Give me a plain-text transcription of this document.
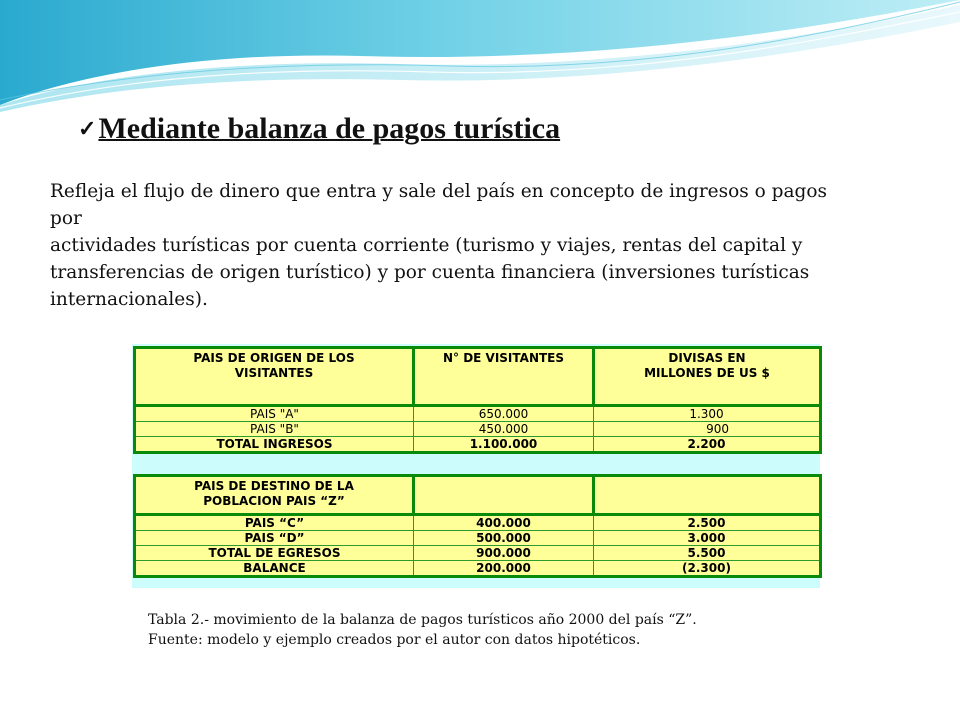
✓ Mediante balanza de pagos turística
Refleja el flujo de dinero que entra y sale del país en concepto de ingresos o pagos
por
actividades turísticas por cuenta corriente (turismo y viajes, rentas del capital y
transferencias de origen turístico) y por cuenta financiera (inversiones turísticas
internacionales).
PAIS DE ORIGEN DE LOS
VISITANTES	N° DE VISITANTES	DIVISAS EN
MILLONES DE US $
PAIS "A"	650.000	1.300
PAIS "B"	450.000	900
TOTAL INGRESOS	1.100.000	2.200
PAIS DE DESTINO DE LA
POBLACION PAIS “Z”		
PAIS “C”	400.000	2.500
PAIS “D”	500.000	3.000
TOTAL DE EGRESOS	900.000	5.500
BALANCE	200.000	(2.300)
Tabla 2.- movimiento de la balanza de pagos turísticos año 2000 del país “Z”.
Fuente: modelo y ejemplo creados por el autor con datos hipotéticos.
